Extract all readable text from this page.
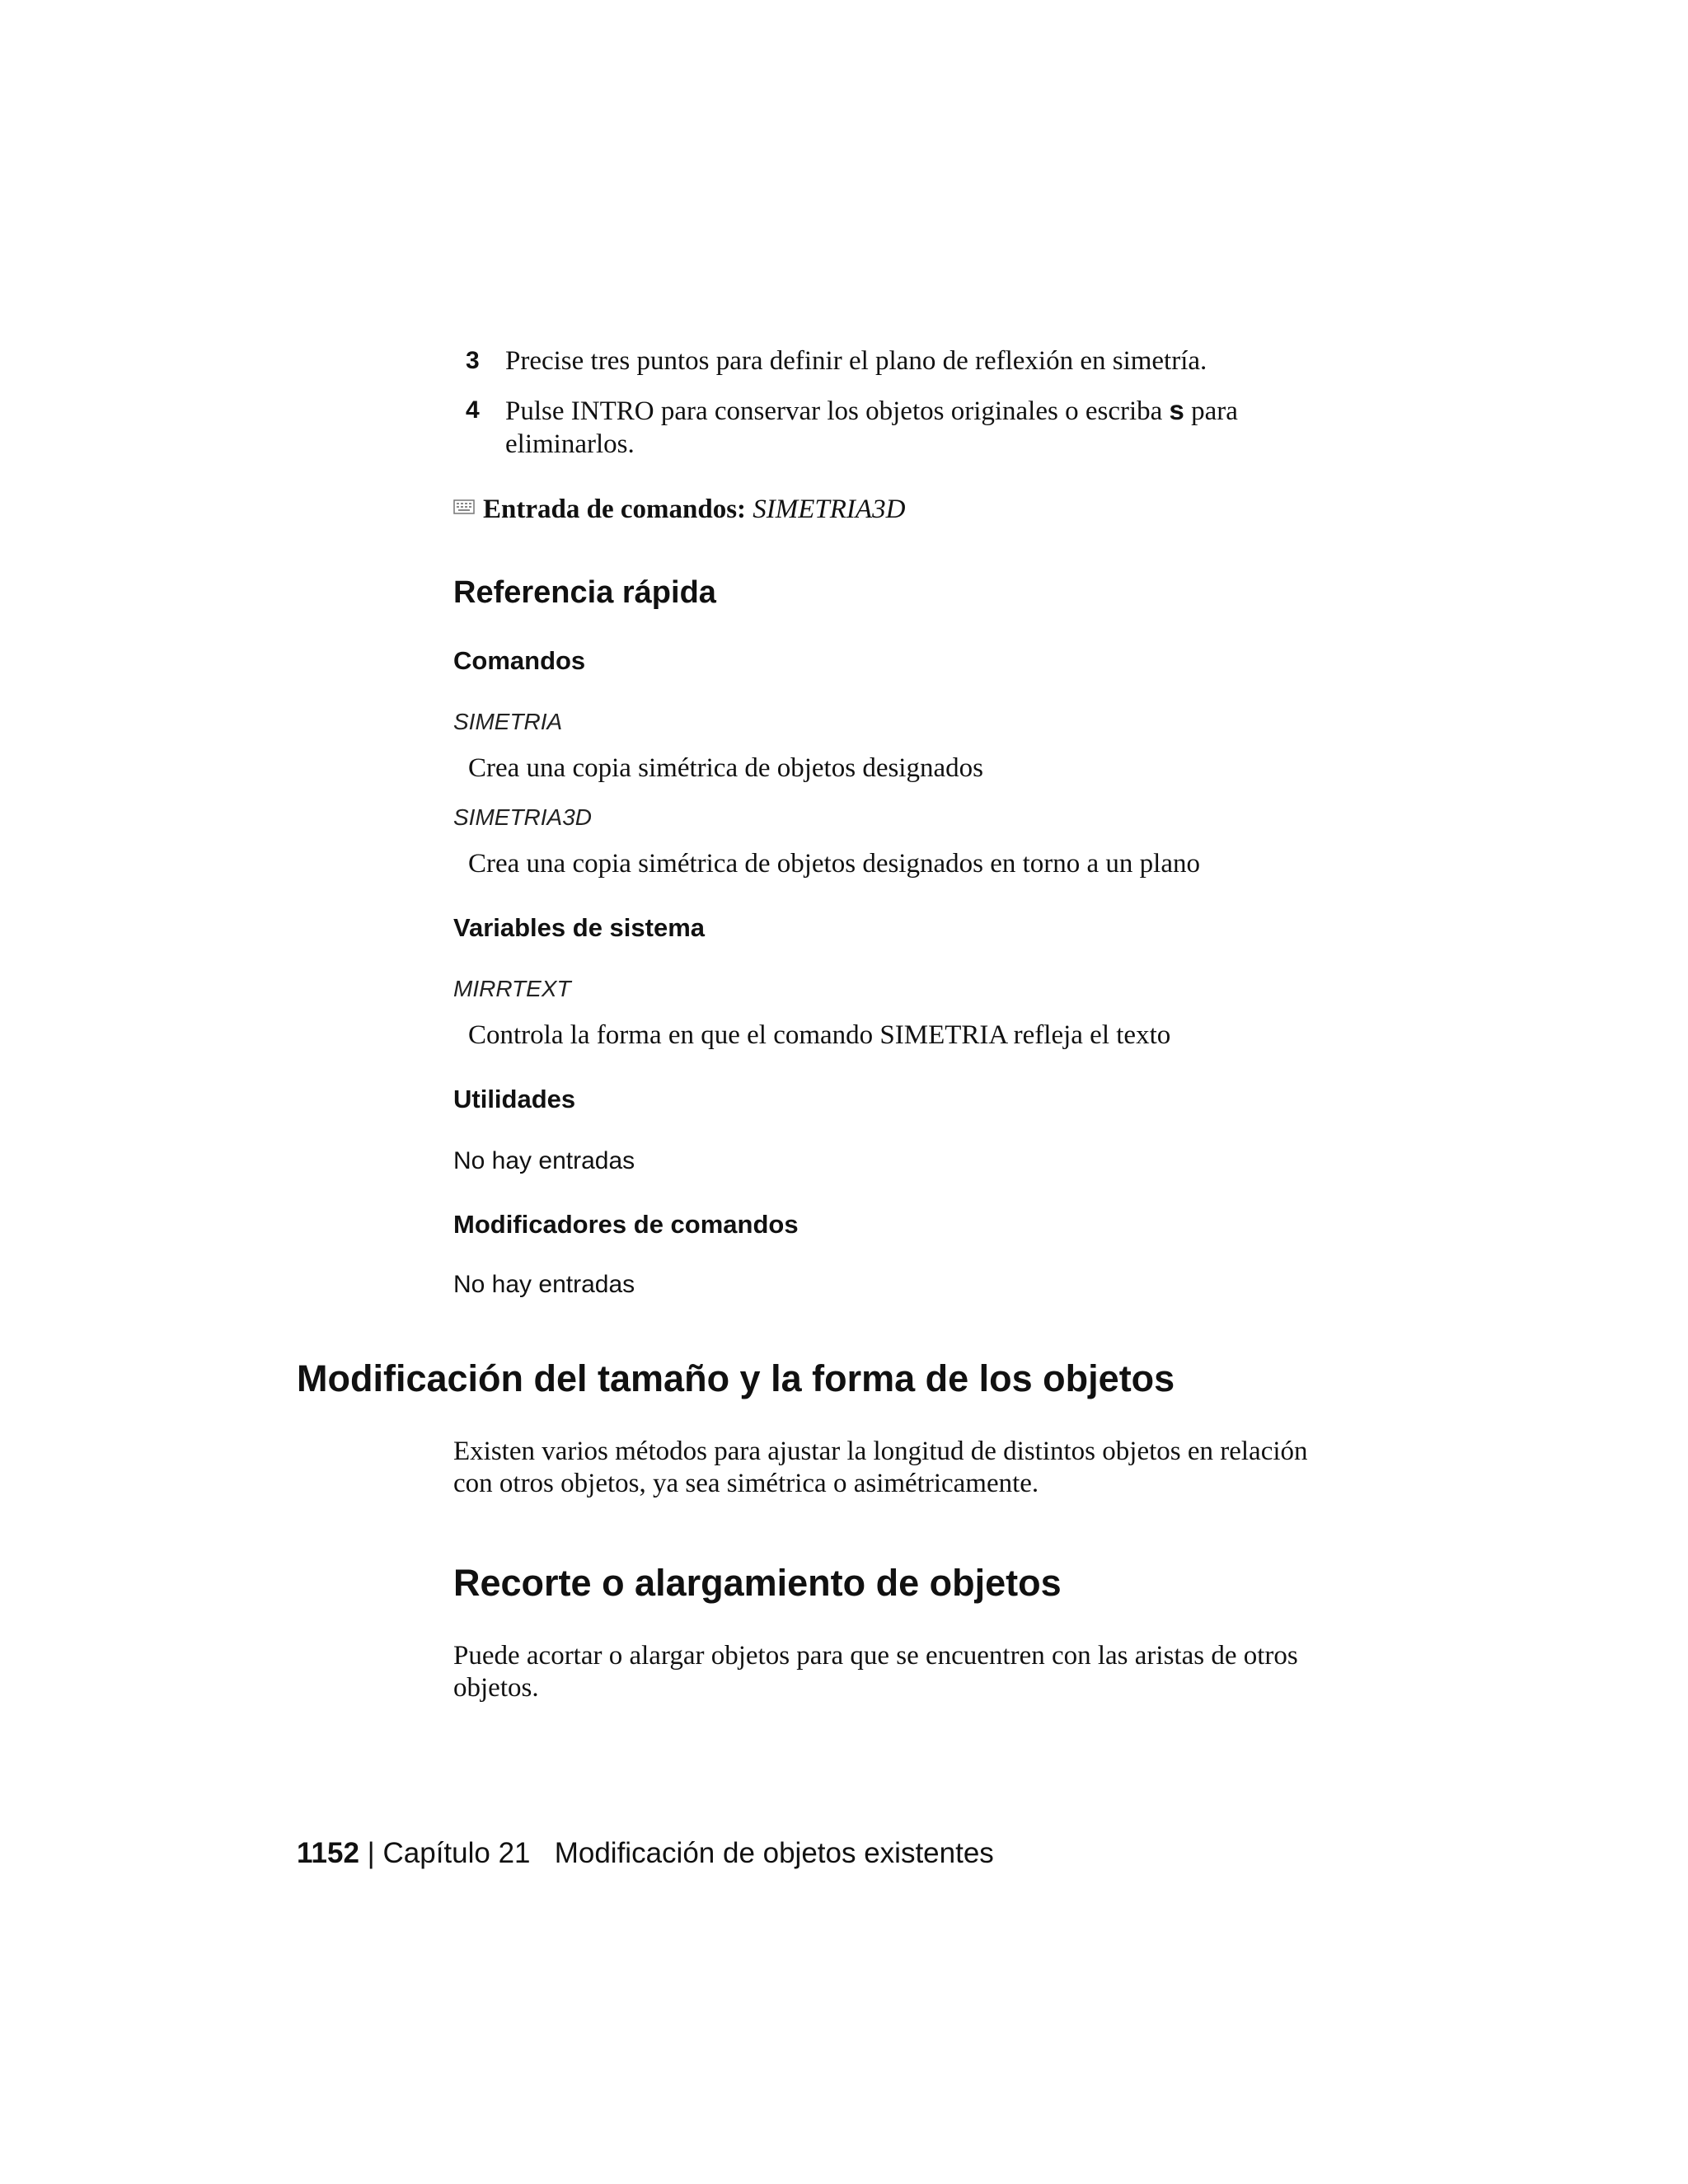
3 Precise tres puntos para definir el plano de reflexión en simetría.
4 Pulse INTRO para conservar los objetos originales o escriba s para
eliminarlos.
Entrada de comandos: SIMETRIA3D
Referencia rápida
Comandos
SIMETRIA
Crea una copia simétrica de objetos designados
SIMETRIA3D
Crea una copia simétrica de objetos designados en torno a un plano
Variables de sistema
MIRRTEXT
Controla la forma en que el comando SIMETRIA refleja el texto
Utilidades
No hay entradas
Modificadores de comandos
No hay entradas
Modificación del tamaño y la forma de los objetos
Existen varios métodos para ajustar la longitud de distintos objetos en relación
con otros objetos, ya sea simétrica o asimétricamente.
Recorte o alargamiento de objetos
Puede acortar o alargar objetos para que se encuentren con las aristas de otros
objetos.
1152 | Capítulo 21 Modificación de objetos existentes
